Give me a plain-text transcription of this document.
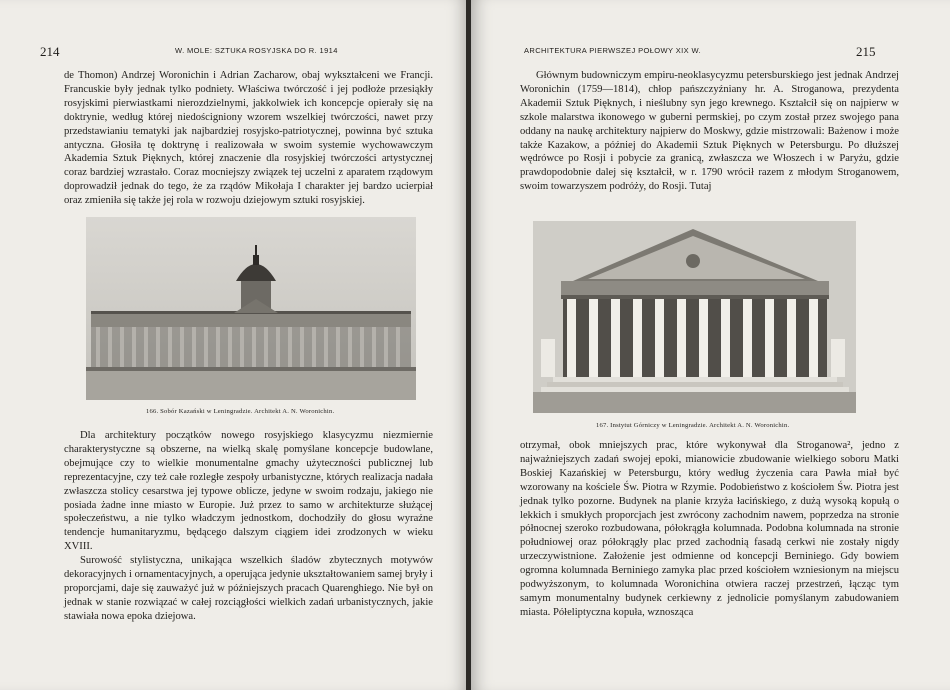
214	W. MOLE: SZTUKA ROSYJSKA DO R. 1914

de Thomon) Andrzej Woronichin i Adrian Zacharow, obaj wykształceni we Francji. Francuskie były jednak tylko podniety. Właściwa twórczość i jej podłoże przesiąkły rosyjskimi pierwiastkami nierozdzielnymi, jakkolwiek ich koncepcje opierały się na doktrynie, według której niedościgniony wzorem wszelkiej twórczości, nawet przy przedstawianiu tematyki jak najbardziej rosyjsko-patriotycznej, powinna być sztuka antyczna. Głosiła tę doktrynę i realizowała w swoim systemie wychowawczym Akademia Sztuk Pięknych, której znaczenie dla rosyjskiej twórczości artystycznej coraz bardziej wzrastało. Coraz mocniejszy związek tej uczelni z aparatem rządowym doprowadził jednak do tego, że za rządów Mikołaja I charakter jej bardzo ucierpiał oraz zmieniła się także jej rola w rozwoju dziejowym sztuki rosyjskiej.

166. Sobór Kazański w Leningradzie. Architekt A. N. Woronichin.

Dla architektury początków nowego rosyjskiego klasycyzmu niezmiernie charakterystyczne są obszerne, na wielką skalę pomyślane koncepcje budowlane, obejmujące czy to wielkie monumentalne gmachy użyteczności publicznej lub reprezentacyjne, czy też całe rozległe zespoły urbanistyczne, których realizacja nadała zwłaszcza stolicy cesarstwa jej typowe oblicze, jedyne w swoim rodzaju, jakiego nie posiada żadne inne miasto w Europie. Już przez to samo w architekturze służącej społeczeństwu, a nie tylko władczym jednostkom, dochodziły do głosu wyraźne tendencje humanitaryzmu, będącego dalszym ciągiem idei zrodzonych w wieku XVIII.

Surowość stylistyczna, unikająca wszelkich śladów zbytecznych motywów dekoracyjnych i ornamentacyjnych, a operująca jedynie ukształtowaniem samej bryły i proporcjami, daje się zauważyć już w późniejszych pracach Quarenghiego. Nie był on jednak w stanie rozwiązać w całej rozciągłości wielkich zadań urbanistycznych, jakie stawiała nowa epoka dziejowa.

ARCHITEKTURA PIERWSZEJ POŁOWY XIX W.	215

Głównym budowniczym empiru-neoklasycyzmu petersburskiego jest jednak Andrzej Woronichin (1759—1814), chłop pańszczyźniany hr. A. Stroganowa, prezydenta Akademii Sztuk Pięknych, i nieślubny syn jego krewnego. Kształcił się on najpierw w szkole malarstwa ikonowego w guberni permskiej, po czym został przez swojego pana oddany na naukę architektury najpierw do Moskwy, gdzie mistrzowali: Bażenow i może także Kazakow, a później do Akademii Sztuk Pięknych w Petersburgu. Po dłuższej wędrówce po Rosji i pobycie za granicą, zwłaszcza we Włoszech i w Paryżu, gdzie prawdopodobnie dalej się kształcił, w r. 1790 wrócił razem z młodym Stroganowem, swoim towarzyszem podróży, do Rosji. Tutaj

167. Instytut Górniczy w Leningradzie. Architekt A. N. Woronichin.

otrzymał, obok mniejszych prac, które wykonywał dla Stroganowa², jedno z najważniejszych zadań swojej epoki, mianowicie zbudowanie wielkiego soboru Matki Boskiej Kazańskiej w Petersburgu, który według życzenia cara Pawła miał być wzorowany na kościele Św. Piotra w Rzymie. Podobieństwo z kościołem Św. Piotra jest jednak tylko pozorne. Budynek na planie krzyża łacińskiego, z dużą wysoką kopułą o lekkich i smukłych proporcjach jest zwrócony zachodnim nawem, poprzedza na stronie północnej szeroko rozbudowana, półokrągła kolumnada. Podobna kolumnada na stronie południowej oraz półokrągły plac przed zachodnią fasadą cerkwi nie zostały nigdy urzeczywistnione. Założenie jest odmienne od koncepcji Berniniego. Gdy bowiem ogromna kolumnada Berniniego zamyka plac przed kościołem wzniesionym na miejscu podwyższonym, to kolumnada Woronichina otwiera raczej przestrzeń, łącząc tym samym monumentalny budynek cerkiewny z jednolicie pomyślanym zabudowaniem miasta. Półeliptyczna kopuła, wznosząca
